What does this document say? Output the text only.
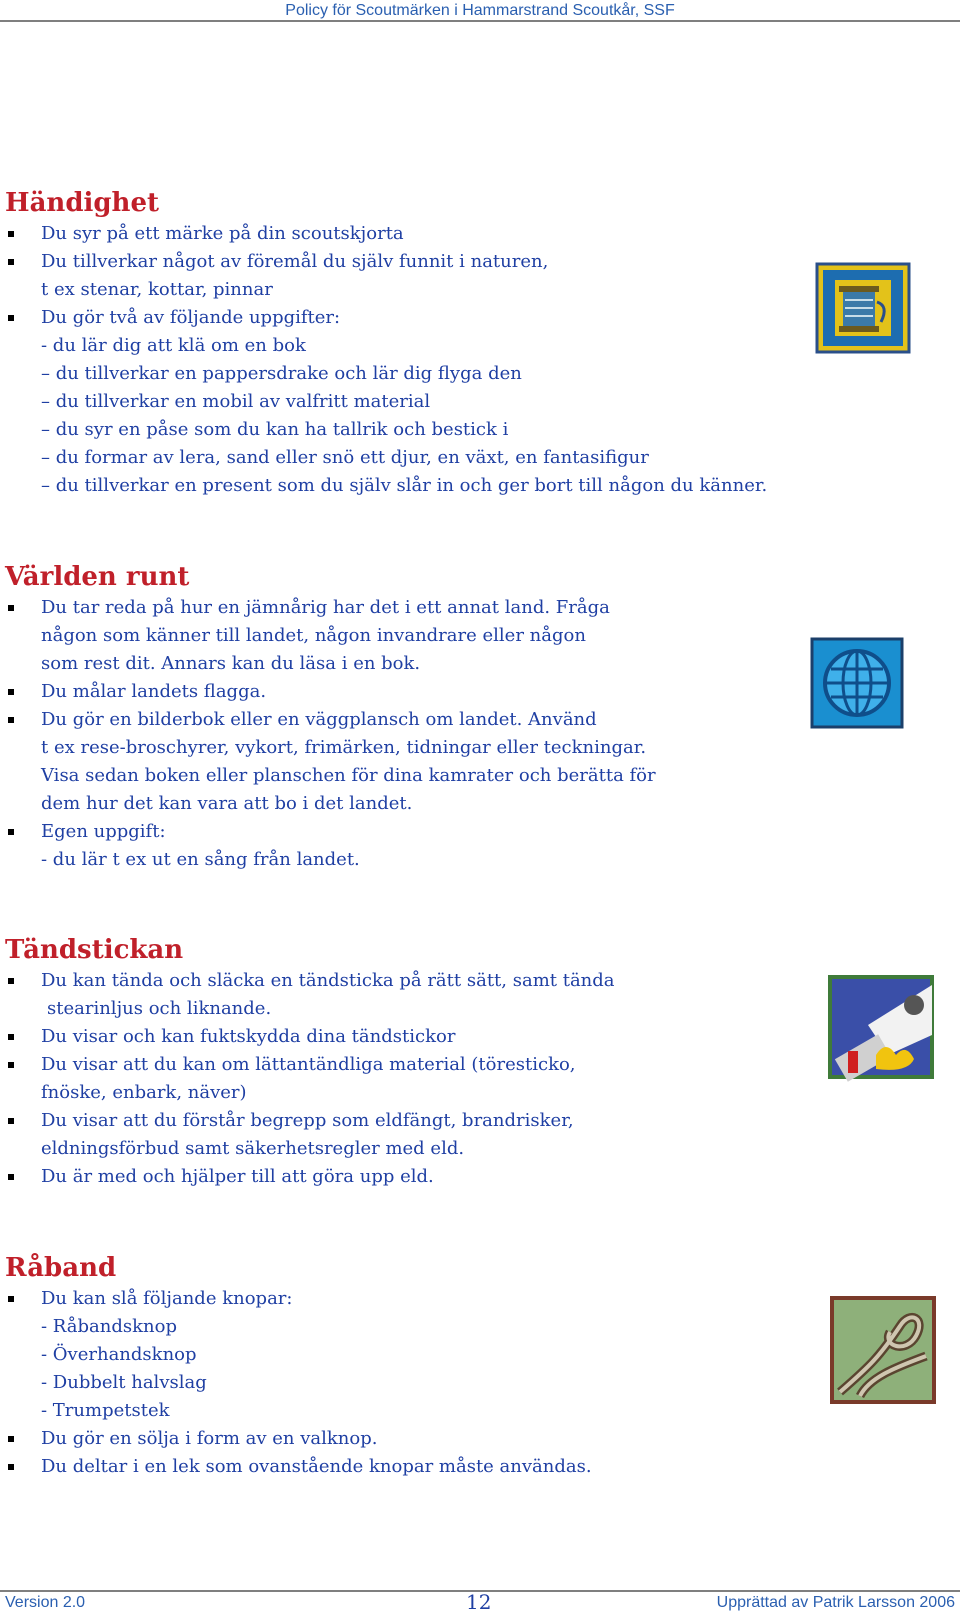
Policy för Scoutmärken i Hammarstrand Scoutkår, SSF
Händighet
Du syr på ett märke på din scoutskjorta
Du tillverkar något av föremål du själv funnit i naturen,
t ex stenar, kottar, pinnar
Du gör två av följande uppgifter:
- du lär dig att klä om en bok
– du tillverkar en pappersdrake och lär dig flyga den
– du tillverkar en mobil av valfritt material
– du syr en påse som du kan ha tallrik och bestick i
– du formar av lera, sand eller snö ett djur, en växt, en fantasifigur
– du tillverkar en present som du själv slår in och ger bort till någon du känner.
Världen runt
Du tar reda på hur en jämnårig har det i ett annat land. Fråga
någon som känner till landet, någon invandrare eller någon
som rest dit. Annars kan du läsa i en bok.
Du målar landets flagga.
Du gör en bilderbok eller en väggplansch om landet. Använd
t ex rese-broschyrer, vykort, frimärken, tidningar eller teckningar.
Visa sedan boken eller planschen för dina kamrater och berätta för
dem hur det kan vara att bo i det landet.
Egen uppgift:
- du lär t ex ut en sång från landet.
Tändstickan
Du kan tända och släcka en tändsticka på rätt sätt, samt tända
stearinljus och liknande.
Du visar och kan fuktskydda dina tändstickor
Du visar att du kan om lättantändliga material (töresticko,
fnöske, enbark, näver)
Du visar att du förstår begrepp som eldfängt, brandrisker,
eldningsförbud samt säkerhetsregler med eld.
Du är med och hjälper till att göra upp eld.
Råband
Du kan slå följande knopar:
- Råbandsknop
- Överhandsknop
- Dubbelt halvslag
- Trumpetstek
Du gör en sölja i form av en valknop.
Du deltar i en lek som ovanstående knopar måste användas.
Version 2.0	12	Upprättad av Patrik Larsson 2006
